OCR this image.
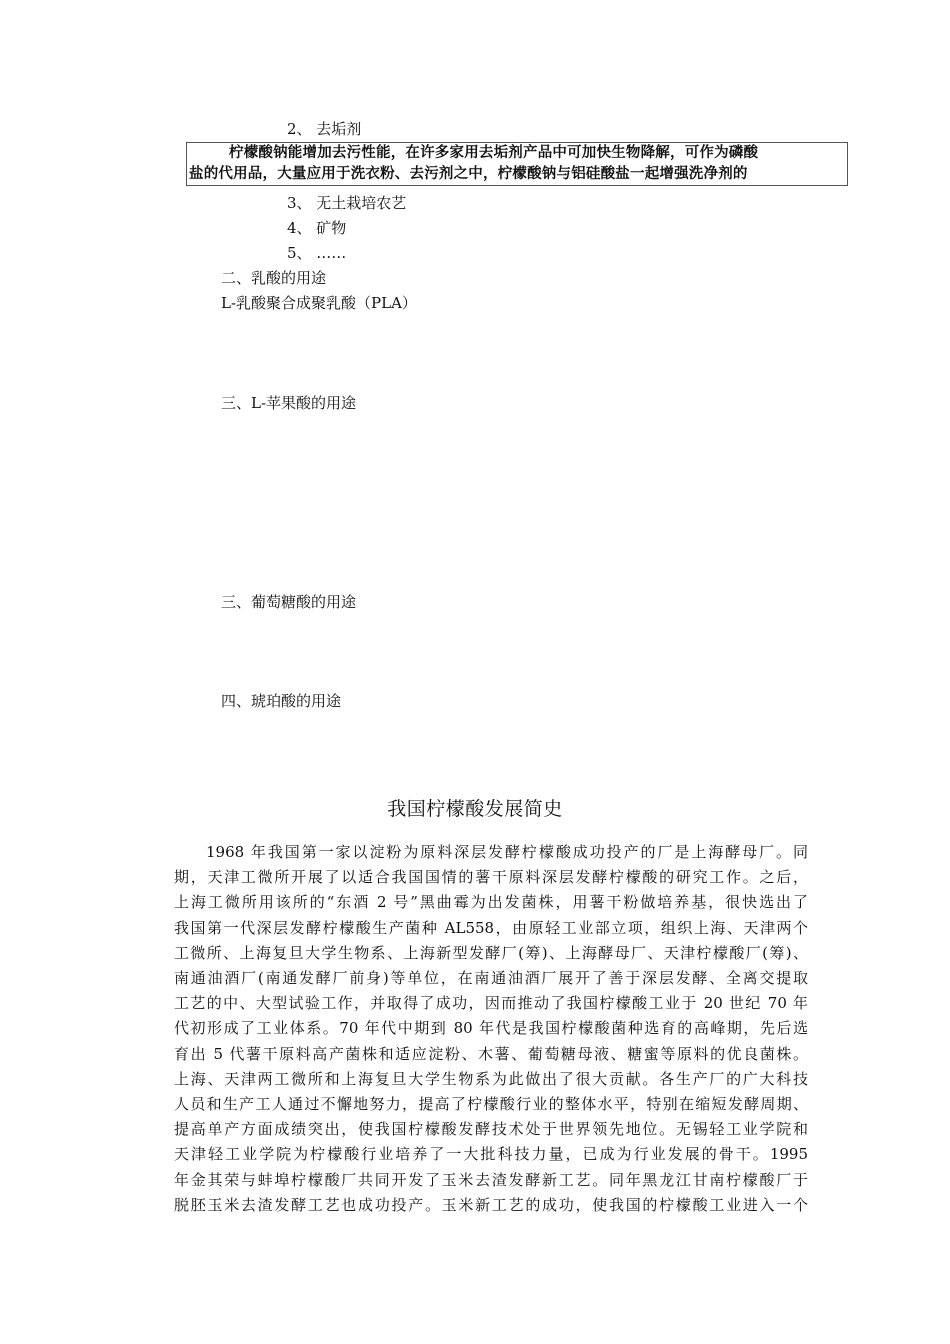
2、 去垢剂

柠檬酸钠能增加去污性能，在许多家用去垢剂产品中可加快生物降解，可作为磷酸

盐的代用品，大量应用于洗衣粉、去污剂之中，柠檬酸钠与铝硅酸盐一起增强洗净剂的

3、 无土栽培农艺
4、 矿物
5、 ……
二、乳酸的用途
L-乳酸聚合成聚乳酸（PLA）
三、L-苹果酸的用途
三、葡萄糖酸的用途
四、琥珀酸的用途
我国柠檬酸发展简史
1968 年我国第一家以淀粉为原料深层发酵柠檬酸成功投产的厂是上海酵母厂。同
期，天津工微所开展了以适合我国国情的薯干原料深层发酵柠檬酸的研究工作。之后，
上海工微所用该所的“东酒 2 号”黑曲霉为出发菌株，用薯干粉做培养基，很快选出了
我国第一代深层发酵柠檬酸生产菌种 AL558，由原轻工业部立项，组织上海、天津两个
工微所、上海复旦大学生物系、上海新型发酵厂(筹)、上海酵母厂、天津柠檬酸厂(筹)、
南通油酒厂(南通发酵厂前身)等单位，在南通油酒厂展开了善于深层发酵、全离交提取
工艺的中、大型试验工作，并取得了成功，因而推动了我国柠檬酸工业于 20 世纪 70 年
代初形成了工业体系。70 年代中期到 80 年代是我国柠檬酸菌种选育的高峰期，先后选
育出 5 代薯干原料高产菌株和适应淀粉、木薯、葡萄糖母液、糖蜜等原料的优良菌株。
上海、天津两工微所和上海复旦大学生物系为此做出了很大贡献。各生产厂的广大科技
人员和生产工人通过不懈地努力，提高了柠檬酸行业的整体水平，特别在缩短发酵周期、
提高单产方面成绩突出，使我国柠檬酸发酵技术处于世界领先地位。无锡轻工业学院和
天津轻工业学院为柠檬酸行业培养了一大批科技力量，已成为行业发展的骨干。1995
年金其荣与蚌埠柠檬酸厂共同开发了玉米去渣发酵新工艺。同年黑龙江甘南柠檬酸厂于
脱胚玉米去渣发酵工艺也成功投产。玉米新工艺的成功，使我国的柠檬酸工业进入一个
